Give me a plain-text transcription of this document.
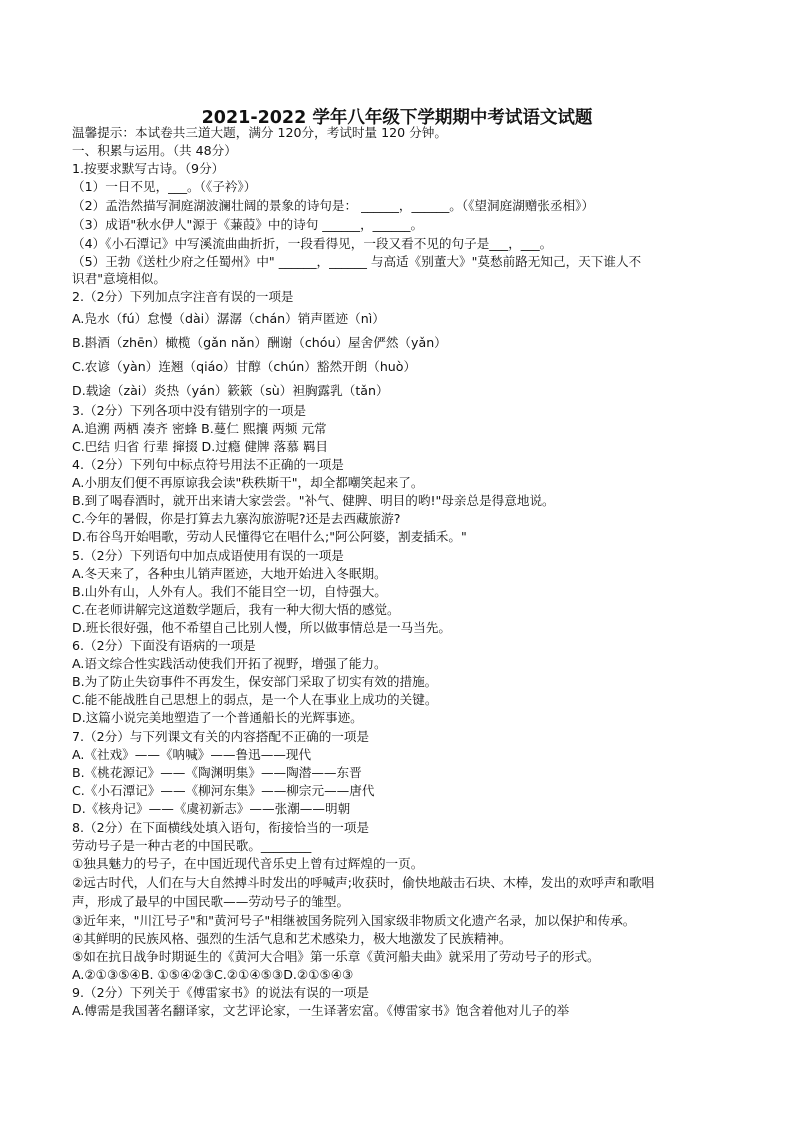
2021-2022 学年八年级下学期期中考试语文试题
温馨提示：本试卷共三道大题，满分 120分，考试时量 120 分钟。
一、积累与运用。（共 48分）
1.按要求默写古诗。（9分）
（1）一日不见，___。（《子衿》）
（2）孟浩然描写洞庭湖波澜壮阔的景象的诗句是： ______，______。（《望洞庭湖赠张丞相》）
（3）成语"秋水伊人"源于《蒹葭》中的诗句 ______，______。
（4）《小石潭记》中写溪流曲曲折折，一段看得见，一段又看不见的句子是___，___。
（5）王勃《送杜少府之任蜀州》中" ______，______ 与高适《别董大》"莫愁前路无知己，天下谁人不
识君"意境相似。
2.（2分）下列加点字注音有误的一项是
A.凫水（fú）怠慢（dài）潺潺（chán）销声匿迹（nì）
B.斟酒（zhēn）橄榄（gǎn nǎn）酬谢（chóu）屋舍俨然（yǎn）
C.农谚（yàn）连翘（qiáo）甘醇（chún）豁然开朗（huò）
D.载途（zài）炎热（yán）簌簌（sù）袒胸露乳（tǎn）
3.（2分）下列各项中没有错别字的一项是
A.追溯 两栖 凑齐 密蜂 B.蔓仁 熙攘 两频 元常
C.巴结 归省 行辈 撺掇 D.过瘾 健牌 落慕 羁目
4.（2分）下列句中标点符号用法不正确的一项是
A.小朋友们便不再原谅我会读"秩秩斯干"，却全都嘲笑起来了。
B.到了喝春酒时，就开出来请大家尝尝。"补气、健脾、明目的哟!"母亲总是得意地说。
C.今年的暑假，你是打算去九寨沟旅游呢?还是去西藏旅游?
D.布谷鸟开始唱歌，劳动人民懂得它在唱什么;"阿公阿婆，割麦插禾。"
5.（2分）下列语句中加点成语使用有误的一项是
A.冬天来了，各种虫儿销声匿迹，大地开始进入冬眠期。
B.山外有山，人外有人。我们不能目空一切，自恃强大。
C.在老师讲解完这道数学题后，我有一种大彻大悟的感觉。
D.班长很好强，他不希望自己比别人慢，所以做事情总是一马当先。
6.（2分）下面没有语病的一项是
A.语文综合性实践活动使我们开拓了视野，增强了能力。
B.为了防止失窃事件不再发生，保安部门采取了切实有效的措施。
C.能不能战胜自己思想上的弱点，是一个人在事业上成功的关键。
D.这篇小说完美地塑造了一个普通船长的光辉事迹。
7.（2分）与下列课文有关的内容搭配不正确的一项是
A.《社戏》——《呐喊》——鲁迅——现代
B.《桃花源记》——《陶渊明集》——陶潜——东晋
C.《小石潭记》——《柳河东集》——柳宗元——唐代
D.《核舟记》——《虞初新志》——张潮——明朝
8.（2分）在下面横线处填入语句，衔接恰当的一项是
劳动号子是一种古老的中国民歌。________
①独具魅力的号子，在中国近现代音乐史上曾有过辉煌的一页。
②远古时代，人们在与大自然搏斗时发出的呼喊声;收获时，偷快地敲击石块、木棒，发出的欢呼声和歌唱
声，形成了最早的中国民歌——劳动号子的雏型。
③近年来，"川江号子"和"黄河号子"相继被国务院列入国家级非物质文化遗产名录，加以保护和传承。
④其鲜明的民族风格、强烈的生活气息和艺术感染力，极大地激发了民族精神。
⑤如在抗日战争时期诞生的《黄河大合唱》第一乐章《黄河船夫曲》就采用了劳动号子的形式。
A.②①③⑤④B. ①⑤④②③C.②①④⑤③D.②①⑤④③
9.（2分）下列关于《傅雷家书》的说法有误的一项是
A.傅需是我国著名翻译家，文艺评论家，一生译著宏富。《傅雷家书》饱含着他对儿子的举
